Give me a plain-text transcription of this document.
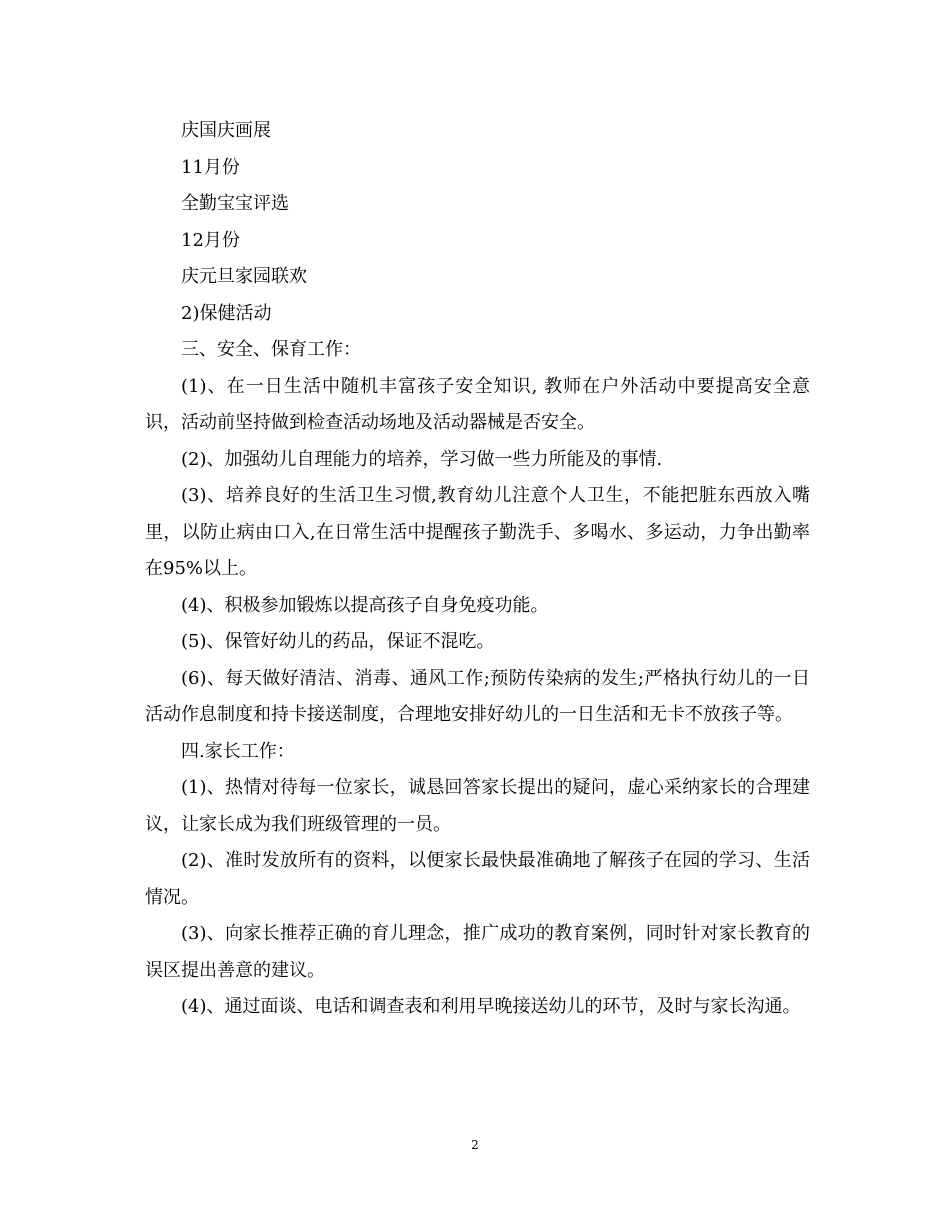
庆国庆画展
11月份
全勤宝宝评选
12月份
庆元旦家园联欢
2)保健活动
三、安全、保育工作：
(1)、在一日生活中随机丰富孩子安全知识, 教师在户外活动中要提高安全意识，活动前坚持做到检查活动场地及活动器械是否安全。
(2)、加强幼儿自理能力的培养，学习做一些力所能及的事情.
(3)、培养良好的生活卫生习惯,教育幼儿注意个人卫生，不能把脏东西放入嘴里，以防止病由口入,在日常生活中提醒孩子勤洗手、多喝水、多运动，力争出勤率在95%以上。
(4)、积极参加锻炼以提高孩子自身免疫功能。
(5)、保管好幼儿的药品，保证不混吃。
(6)、每天做好清洁、消毒、通风工作;预防传染病的发生;严格执行幼儿的一日活动作息制度和持卡接送制度，合理地安排好幼儿的一日生活和无卡不放孩子等。
四.家长工作：
(1)、热情对待每一位家长，诚恳回答家长提出的疑问，虚心采纳家长的合理建议，让家长成为我们班级管理的一员。
(2)、准时发放所有的资料，以便家长最快最准确地了解孩子在园的学习、生活情况。
(3)、向家长推荐正确的育儿理念，推广成功的教育案例，同时针对家长教育的误区提出善意的建议。
(4)、通过面谈、电话和调查表和利用早晚接送幼儿的环节，及时与家长沟通。
2
